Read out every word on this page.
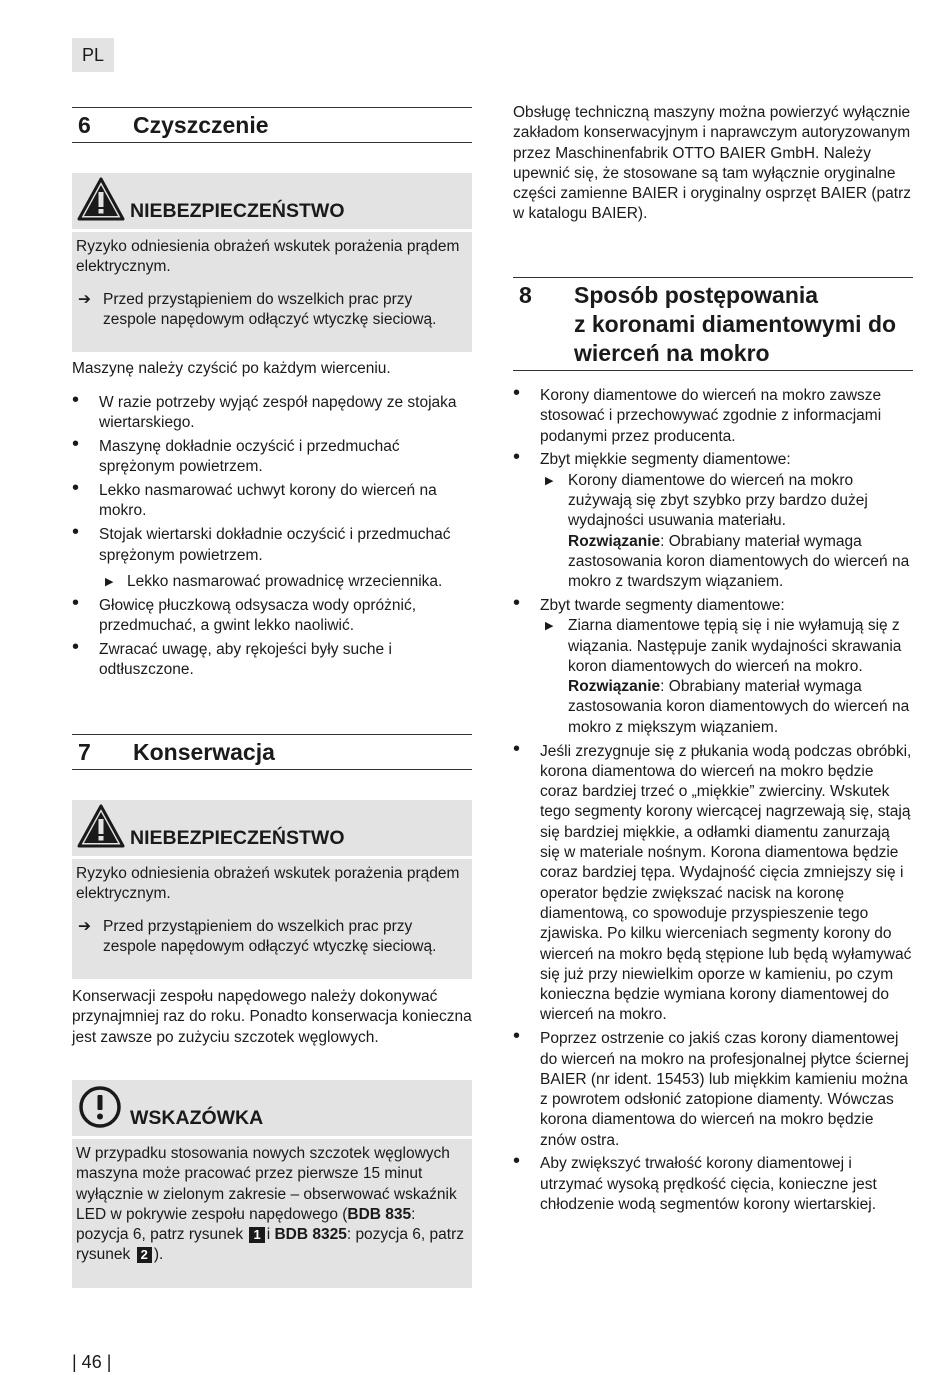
PL
6 Czyszczenie
NIEBEZPIECZEŃSTWO
Ryzyko odniesienia obrażeń wskutek porażenia prądem elektrycznym.
➔ Przed przystąpieniem do wszelkich prac przy zespole napędowym odłączyć wtyczkę sieciową.
Maszynę należy czyścić po każdym wierceniu.
• W razie potrzeby wyjąć zespół napędowy ze stojaka wiertarskiego.
• Maszynę dokładnie oczyścić i przedmuchać sprężonym powietrzem.
• Lekko nasmarować uchwyt korony do wierceń na mokro.
• Stojak wiertarski dokładnie oczyścić i przedmuchać sprężonym powietrzem.
▶ Lekko nasmarować prowadnicę wrzeciennika.
• Głowicę płuczkową odsysacza wody opróżnić, przedmuchać, a gwint lekko naoliwić.
• Zwracać uwagę, aby rękojeści były suche i odtłuszczone.
7 Konserwacja
NIEBEZPIECZEŃSTWO
Ryzyko odniesienia obrażeń wskutek porażenia prądem elektrycznym.
➔ Przed przystąpieniem do wszelkich prac przy zespole napędowym odłączyć wtyczkę sieciową.
Konserwacji zespołu napędowego należy dokonywać przynajmniej raz do roku. Ponadto konserwacja konieczna jest zawsze po zużyciu szczotek węglowych.
WSKAZÓWKA
W przypadku stosowania nowych szczotek węglowych maszyna może pracować przez pierwsze 15 minut wyłącznie w zielonym zakresie – obserwować wskaźnik LED w pokrywie zespołu napędowego (BDB 835: pozycja 6, patrz rysunek 1 i BDB 8325: pozycja 6, patrz rysunek 2 ).
Obsługę techniczną maszyny można powierzyć wyłącznie zakładom konserwacyjnym i naprawczym autoryzowanym przez Maschinenfabrik OTTO BAIER GmbH. Należy upewnić się, że stosowane są tam wyłącznie oryginalne części zamienne BAIER i oryginalny osprzęt BAIER (patrz w katalogu BAIER).
8 Sposób postępowania
z koronami diamentowymi do
wierceń na mokro
• Korony diamentowe do wierceń na mokro zawsze stosować i przechowywać zgodnie z informacjami podanymi przez producenta.
• Zbyt miękkie segmenty diamentowe:
▶ Korony diamentowe do wierceń na mokro zużywają się zbyt szybko przy bardzo dużej wydajności usuwania materiału.
Rozwiązanie: Obrabiany materiał wymaga zastosowania koron diamentowych do wierceń na mokro z twardszym wiązaniem.
• Zbyt twarde segmenty diamentowe:
▶ Ziarna diamentowe tępią się i nie wyłamują się z wiązania. Następuje zanik wydajności skrawania koron diamentowych do wierceń na mokro.
Rozwiązanie: Obrabiany materiał wymaga zastosowania koron diamentowych do wierceń na mokro z miększym wiązaniem.
• Jeśli zrezygnuje się z płukania wodą podczas obróbki, korona diamentowa do wierceń na mokro będzie coraz bardziej trzeć o „miękkie” zwierciny. Wskutek tego segmenty korony wiercącej nagrzewają się, stają się bardziej miękkie, a odłamki diamentu zanurzają się w materiale nośnym. Korona diamentowa będzie coraz bardziej tępa. Wydajność cięcia zmniejszy się i operator będzie zwiększać nacisk na koronę diamentową, co spowoduje przyspieszenie tego zjawiska. Po kilku wierceniach segmenty korony do wierceń na mokro będą stępione lub będą wyłamywać się już przy niewielkim oporze w kamieniu, po czym konieczna będzie wymiana korony diamentowej do wierceń na mokro.
• Poprzez ostrzenie co jakiś czas korony diamentowej do wierceń na mokro na profesjonalnej płytce ściernej BAIER (nr ident. 15453) lub miękkim kamieniu można z powrotem odsłonić zatopione diamenty. Wówczas korona diamentowa do wierceń na mokro będzie znów ostra.
• Aby zwiększyć trwałość korony diamentowej i utrzymać wysoką prędkość cięcia, konieczne jest chłodzenie wodą segmentów korony wiertarskiej.
| 46 |
